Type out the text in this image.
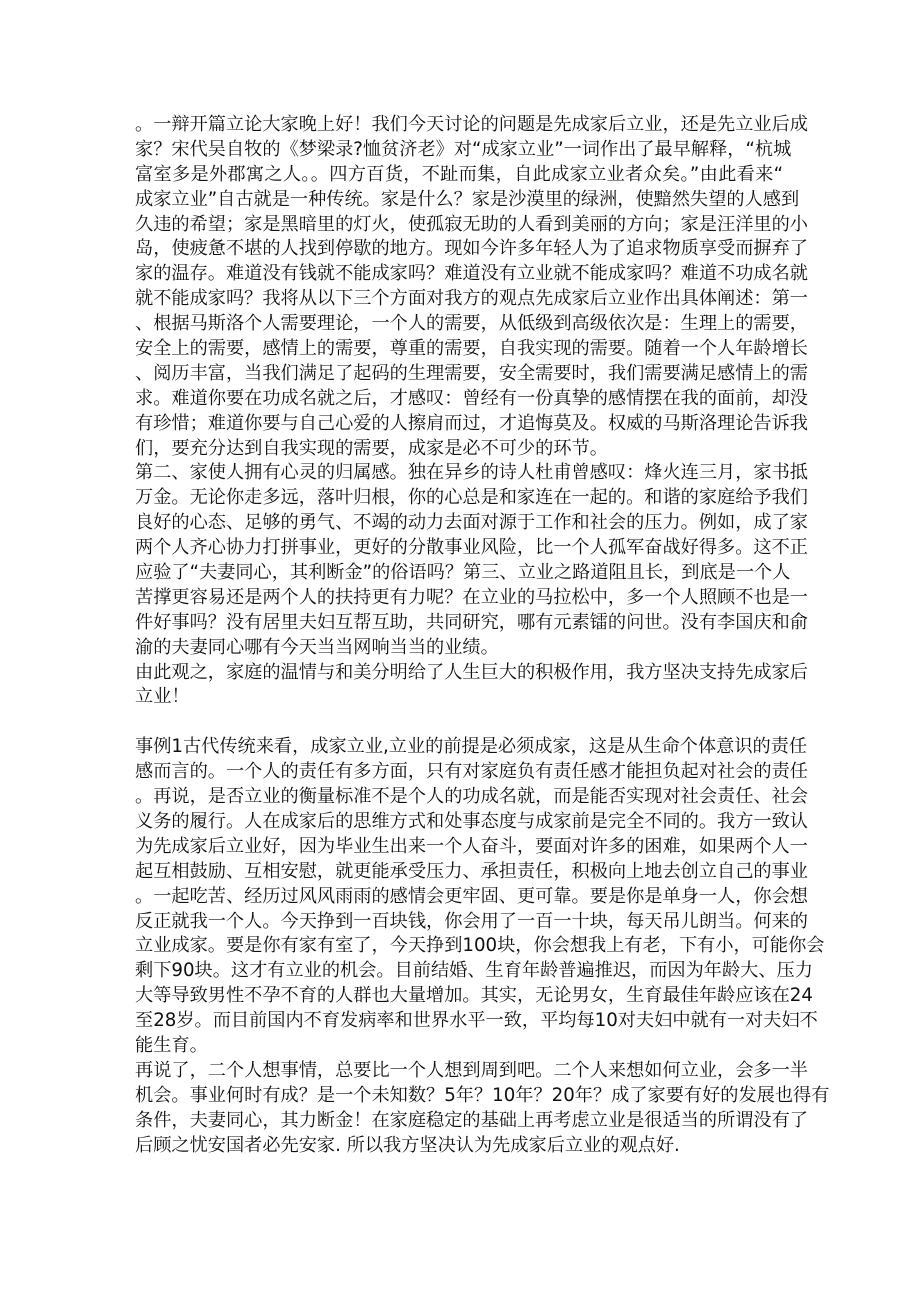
。一辩开篇立论大家晚上好！我们今天讨论的问题是先成家后立业，还是先立业后成
家？宋代吴自牧的《梦梁录?恤贫济老》对“成家立业”一词作出了最早解释，“杭城
富室多是外郡寓之人。。四方百货，不趾而集，自此成家立业者众矣。”由此看来“
成家立业”自古就是一种传统。家是什么？家是沙漠里的绿洲，使黯然失望的人感到
久违的希望；家是黑暗里的灯火，使孤寂无助的人看到美丽的方向；家是汪洋里的小
岛，使疲惫不堪的人找到停歇的地方。现如今许多年轻人为了追求物质享受而摒弃了
家的温存。难道没有钱就不能成家吗？难道没有立业就不能成家吗？难道不功成名就
就不能成家吗？我将从以下三个方面对我方的观点先成家后立业作出具体阐述：第一
、根据马斯洛个人需要理论，一个人的需要，从低级到高级依次是：生理上的需要，
安全上的需要，感情上的需要，尊重的需要，自我实现的需要。随着一个人年龄增长
、阅历丰富，当我们满足了起码的生理需要，安全需要时，我们需要满足感情上的需
求。难道你要在功成名就之后，才感叹：曾经有一份真挚的感情摆在我的面前，却没
有珍惜；难道你要与自己心爱的人擦肩而过，才追悔莫及。权威的马斯洛理论告诉我
们，要充分达到自我实现的需要，成家是必不可少的环节。
第二、家使人拥有心灵的归属感。独在异乡的诗人杜甫曾感叹：烽火连三月，家书抵
万金。无论你走多远，落叶归根，你的心总是和家连在一起的。和谐的家庭给予我们
良好的心态、足够的勇气、不竭的动力去面对源于工作和社会的压力。例如，成了家
两个人齐心协力打拼事业，更好的分散事业风险，比一个人孤军奋战好得多。这不正
应验了“夫妻同心，其利断金”的俗语吗？第三、立业之路道阻且长，到底是一个人
苦撑更容易还是两个人的扶持更有力呢？在立业的马拉松中，多一个人照顾不也是一
件好事吗？没有居里夫妇互帮互助，共同研究，哪有元素镭的问世。没有李国庆和俞
渝的夫妻同心哪有今天当当网响当当的业绩。
由此观之，家庭的温情与和美分明给了人生巨大的积极作用，我方坚决支持先成家后
立业！
事例1古代传统来看，成家立业,立业的前提是必须成家，这是从生命个体意识的责任
感而言的。一个人的责任有多方面，只有对家庭负有责任感才能担负起对社会的责任
。再说，是否立业的衡量标准不是个人的功成名就，而是能否实现对社会责任、社会
义务的履行。人在成家后的思维方式和处事态度与成家前是完全不同的。我方一致认
为先成家后立业好，因为毕业生出来一个人奋斗，要面对许多的困难，如果两个人一
起互相鼓励、互相安慰，就更能承受压力、承担责任，积极向上地去创立自己的事业
。一起吃苦、经历过风风雨雨的感情会更牢固、更可靠。要是你是单身一人，你会想
反正就我一个人。今天挣到一百块钱，你会用了一百一十块，每天吊儿朗当。何来的
立业成家。要是你有家有室了，今天挣到100块，你会想我上有老，下有小，可能你会
剩下90块。这才有立业的机会。目前结婚、生育年龄普遍推迟，而因为年龄大、压力
大等导致男性不孕不育的人群也大量增加。其实，无论男女，生育最佳年龄应该在24
至28岁。而目前国内不育发病率和世界水平一致，平均每10对夫妇中就有一对夫妇不
能生育。
再说了，二个人想事情，总要比一个人想到周到吧。二个人来想如何立业，会多一半
机会。事业何时有成？是一个未知数？5年？10年？20年？成了家要有好的发展也得有
条件，夫妻同心，其力断金！在家庭稳定的基础上再考虑立业是很适当的所谓没有了
后顾之忧安国者必先安家. 所以我方坚决认为先成家后立业的观点好.
